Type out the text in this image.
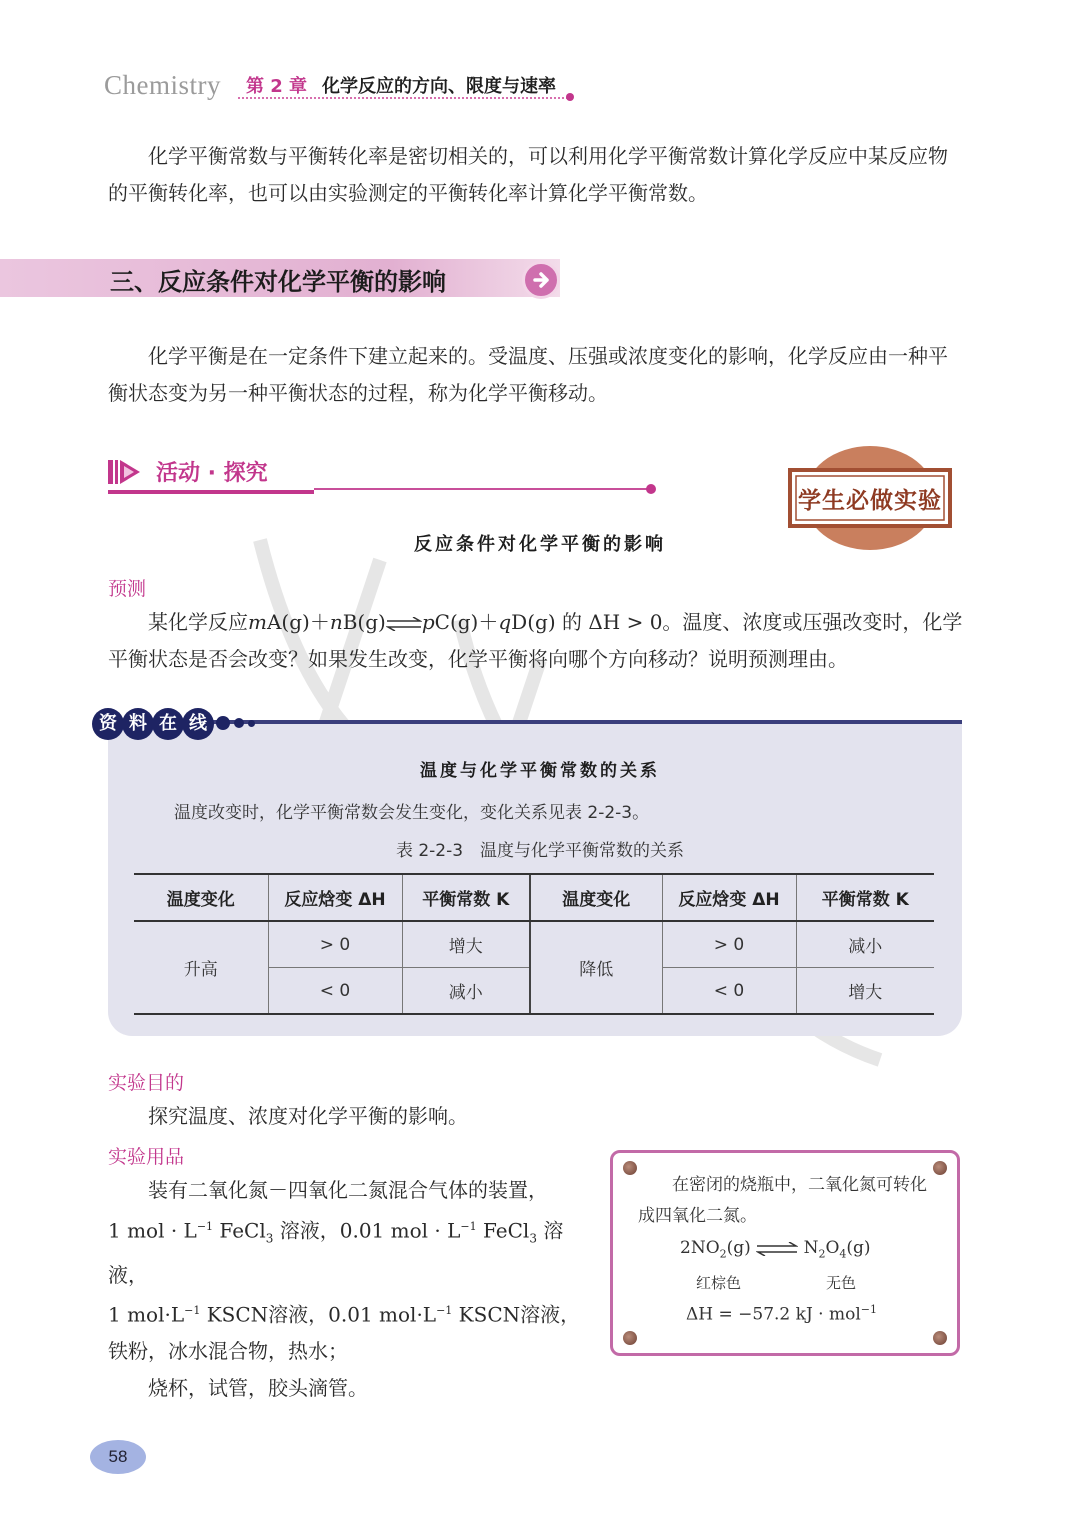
Chemistry 第 2 章 化学反应的方向、限度与速率
化学平衡常数与平衡转化率是密切相关的，可以利用化学平衡常数计算化学反应中某反应物的平衡转化率，也可以由实验测定的平衡转化率计算化学平衡常数。
三、反应条件对化学平衡的影响
化学平衡是在一定条件下建立起来的。受温度、压强或浓度变化的影响，化学反应由一种平衡状态变为另一种平衡状态的过程，称为化学平衡移动。
活动 · 探究
学生必做实验
反应条件对化学平衡的影响
预测
某化学反应mA(g)＋nB(g)⇌pC(g)＋qD(g) 的 ΔH > 0。温度、浓度或压强改变时，化学平衡状态是否会改变？如果发生改变，化学平衡将向哪个方向移动？说明预测理由。
资 料 在 线
温度与化学平衡常数的关系
温度改变时，化学平衡常数会发生变化，变化关系见表 2-2-3。
表 2-2-3　温度与化学平衡常数的关系
温度变化	反应焓变 ΔH	平衡常数 K	温度变化	反应焓变 ΔH	平衡常数 K
升高	> 0	增大	降低	> 0	减小
	< 0	减小		< 0	增大
实验目的
探究温度、浓度对化学平衡的影响。
实验用品
装有二氧化氮－四氧化二氮混合气体的装置，
1 mol · $L^{-1}$ FeCl$_3$ 溶液，0.01 mol · $L^{-1}$ FeCl$_3$ 溶液，
1 $mol\cdot L^{-1}$ KSCN溶液，0.01 $mol\cdot L^{-1}$ KSCN溶液，
铁粉，冰水混合物，热水；
烧杯，试管，胶头滴管。
在密闭的烧瓶中，二氧化氮可转化成四氧化二氮。
$2NO_2(g)$ ⇌ $N_2O_4(g)$
红棕色	无色
ΔH = −57.2 kJ · mol$^{-1}$
58
